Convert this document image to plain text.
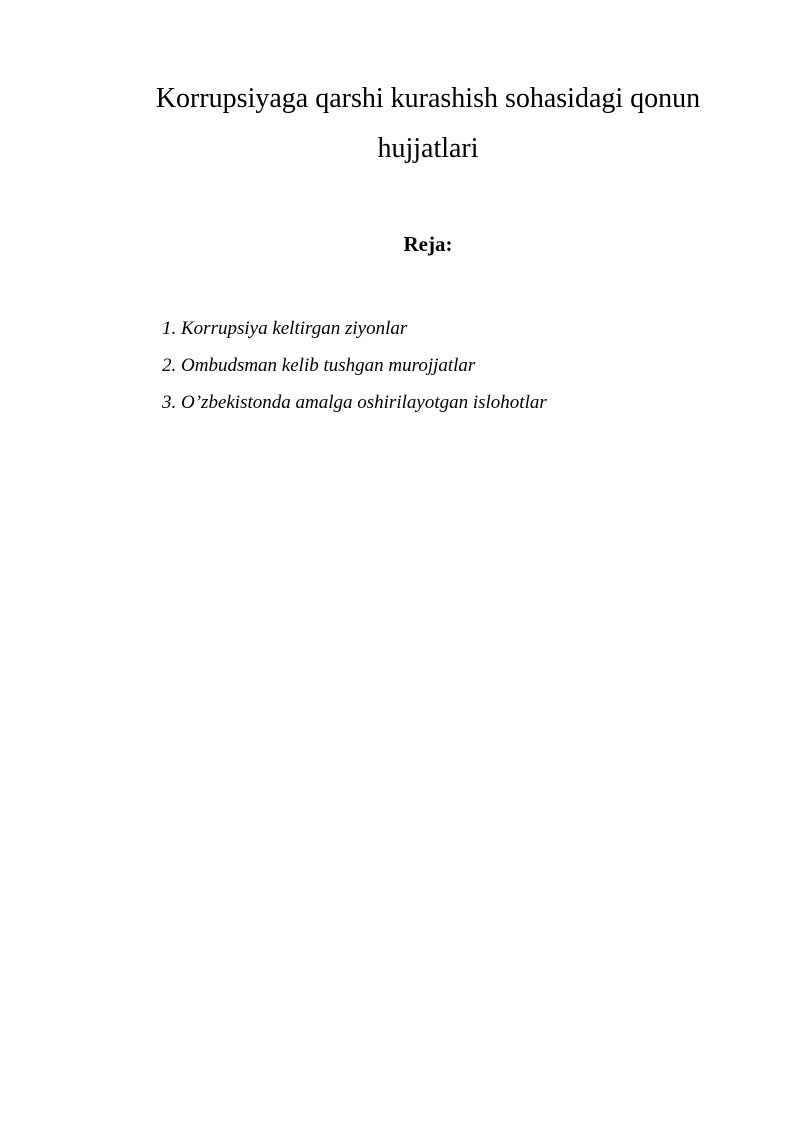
Korrupsiyaga qarshi kurashish sohasidagi qonun
hujjatlari
Reja:
1. Korrupsiya keltirgan ziyonlar
2. Ombudsman kelib tushgan murojjatlar
3. O’zbekistonda amalga oshirilayotgan islohotlar
